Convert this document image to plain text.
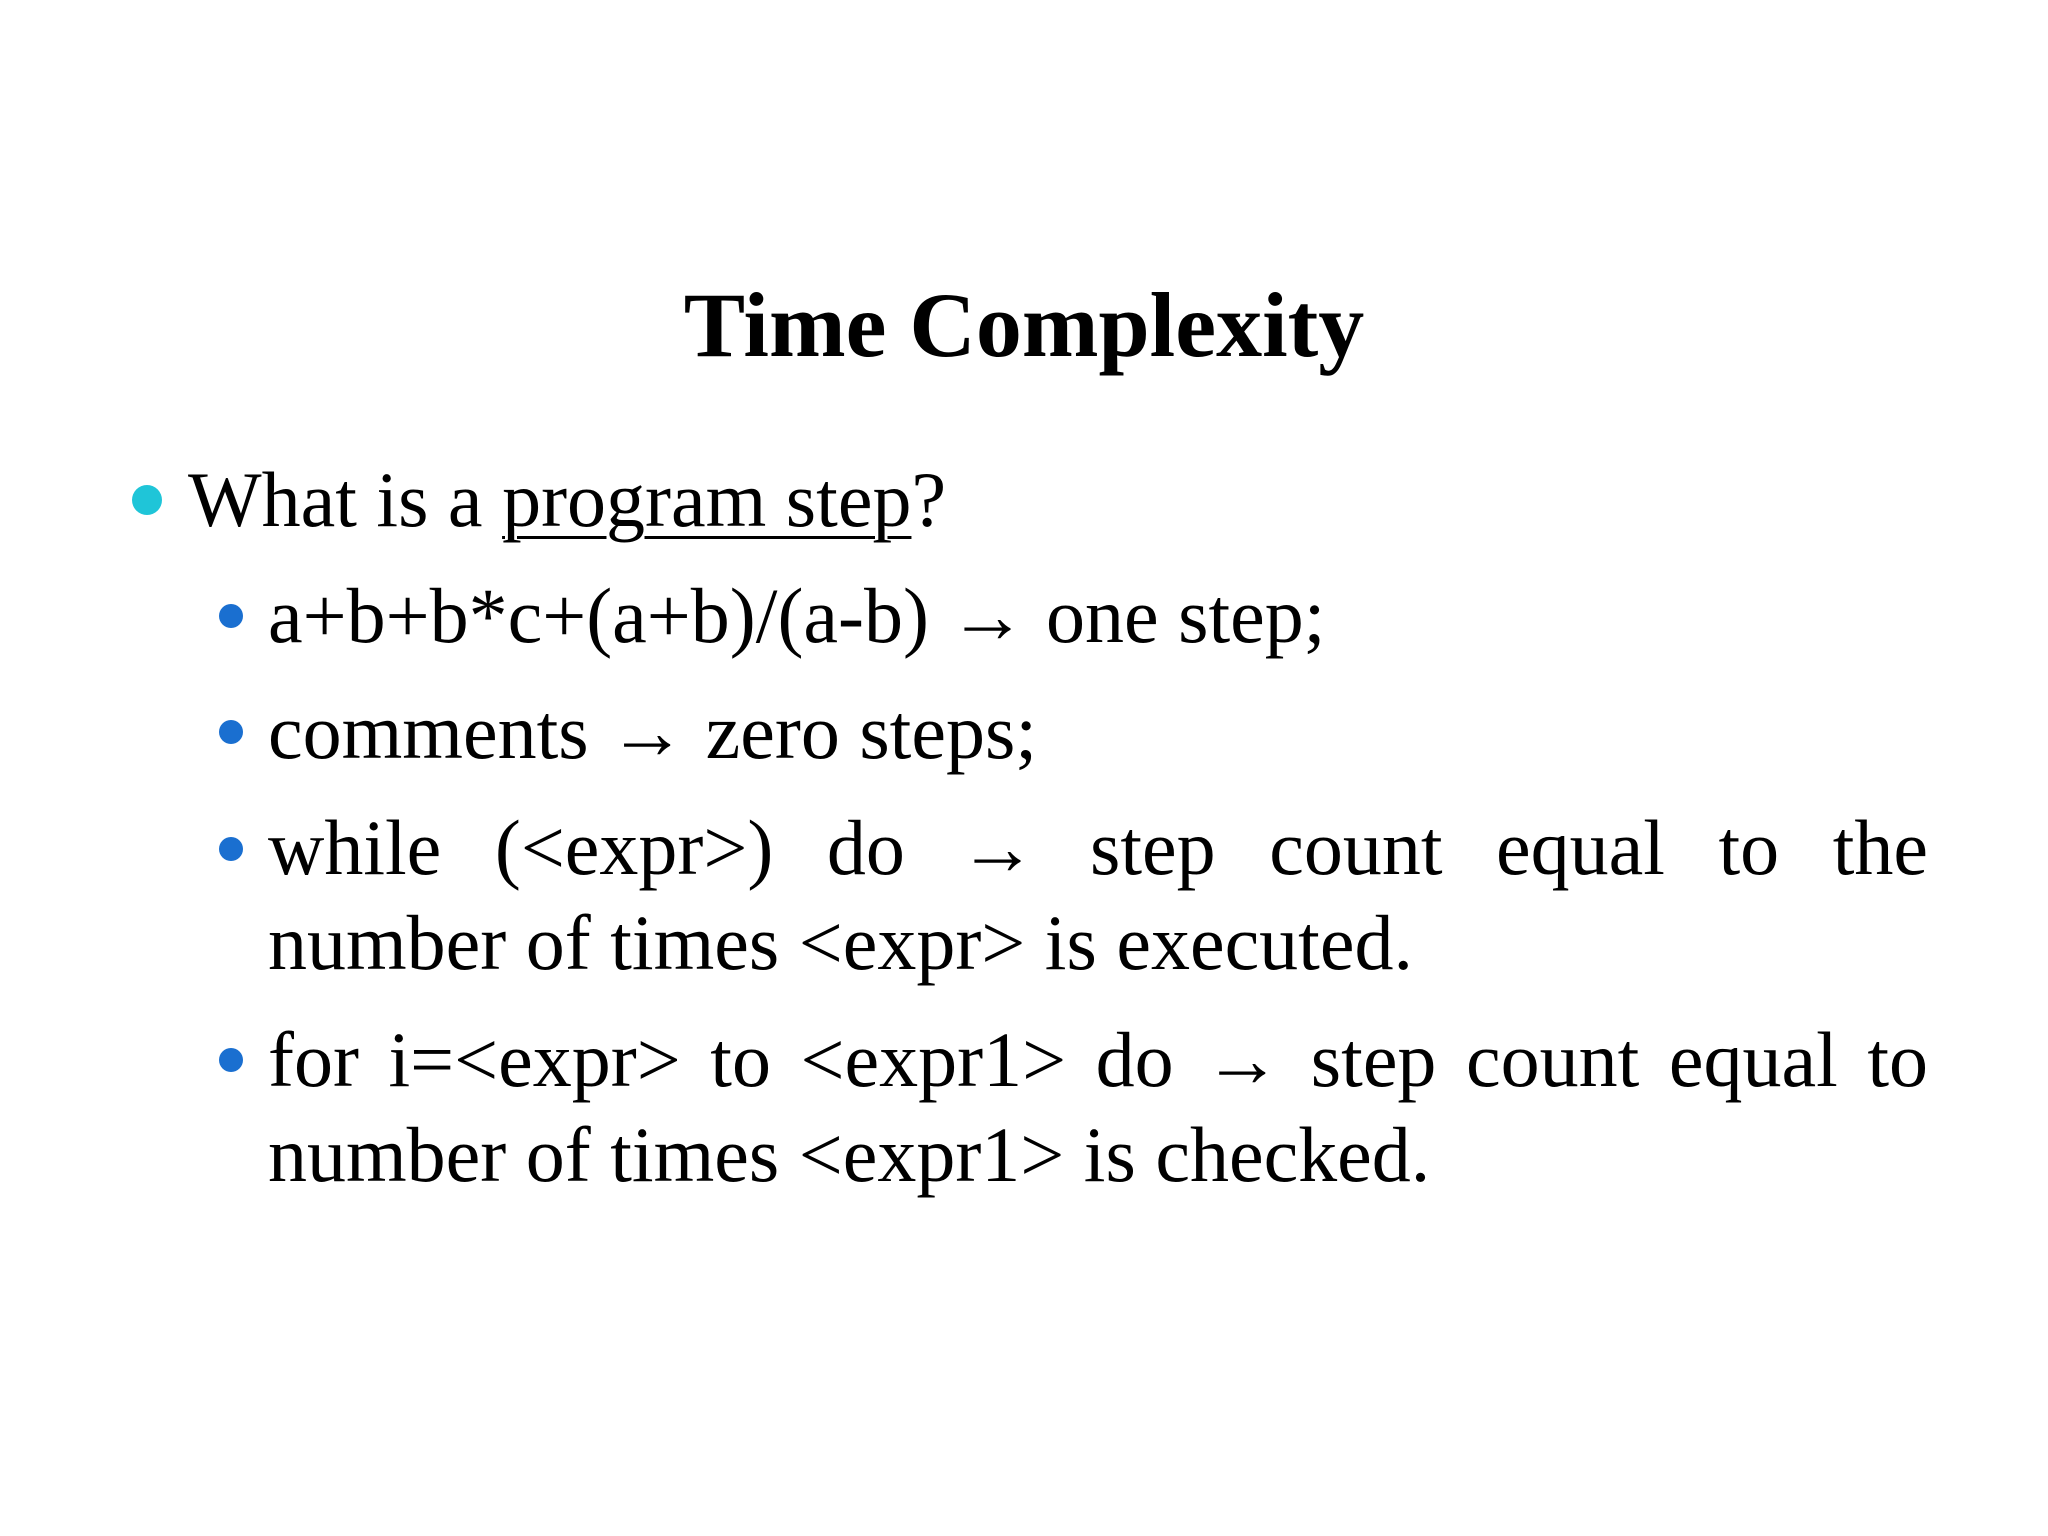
Time Complexity
What is a program step?
a+b+b*c+(a+b)/(a-b) → one step;
comments → zero steps;
while (<expr>) do → step count equal to the
number of times <expr> is executed.
for i=<expr> to <expr1> do → step count equal to
number of times <expr1> is checked.
